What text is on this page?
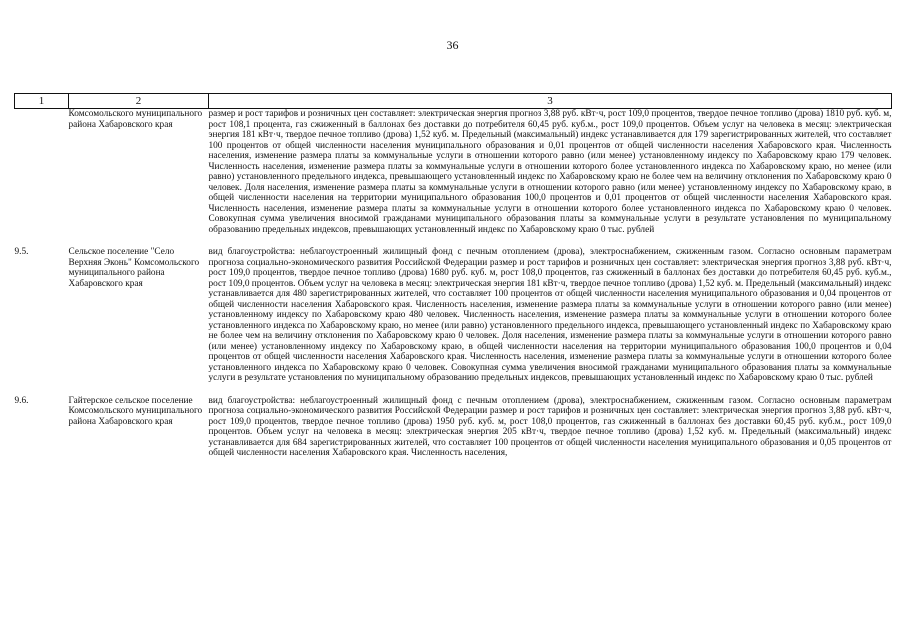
36
1	2	3
	Комсомольского муниципального района Хабаровского края	размер и рост тарифов и розничных цен составляет: электрическая энергия прогноз 3,88 руб. кВт·ч, рост 109,0 процентов, твердое печное топливо (дрова) 1810 руб. куб. м, рост 108,1 процента, газ сжиженный в баллонах без доставки до потребителя 60,45 руб. куб.м., рост 109,0 процентов. Объем услуг на человека в месяц: электрическая энергия 181 кВт·ч, твердое печное топливо (дрова) 1,52 куб. м. Предельный (максимальный) индекс устанавливается для 179 зарегистрированных жителей, что составляет 100 процентов от общей численности населения муниципального образования и 0,01 процентов от общей численности населения Хабаровского края. Численность населения, изменение размера платы за коммунальные услуги в отношении которого равно (или менее) установленному индексу по Хабаровскому краю 179 человек. Численность населения, изменение размера платы за коммунальные услуги в отношении которого более установленного индекса по Хабаровскому краю, но менее (или равно) установленного предельного индекса, превышающего установленный индекс по Хабаровскому краю не более чем на величину отклонения по Хабаровскому краю 0 человек. Доля населения, изменение размера платы за коммунальные услуги в отношении которого равно (или менее) установленному индексу по Хабаровскому краю, в общей численности населения на территории муниципального образования 100,0 процентов и 0,01 процентов от общей численности населения Хабаровского края. Численность населения, изменение размера платы за коммунальные услуги в отношении которого более установленного индекса по Хабаровскому краю 0 человек. Совокупная сумма увеличения вносимой гражданами муниципального образования платы за коммунальные услуги в результате установления по муниципальному образованию предельных индексов, превышающих установленный индекс по Хабаровскому краю 0 тыс. рублей
9.5.	Сельское поселение "Село Верхняя Эконь" Комсомольского муниципального района Хабаровского края	вид благоустройства: неблагоустроенный жилищный фонд с печным отоплением (дрова), электроснабжением, сжиженным газом. Согласно основным параметрам прогноза социально-экономического развития Российской Федерации размер и рост тарифов и розничных цен составляет: электрическая энергия прогноз 3,88 руб. кВт·ч, рост 109,0 процентов, твердое печное топливо (дрова) 1680 руб. куб. м, рост 108,0 процентов, газ сжиженный в баллонах без доставки до потребителя 60,45 руб. куб.м., рост 109,0 процентов. Объем услуг на человека в месяц: электрическая энергия 181 кВт·ч, твердое печное топливо (дрова) 1,52 куб. м. Предельный (максимальный) индекс устанавливается для 480 зарегистрированных жителей, что составляет 100 процентов от общей численности населения муниципального образования и 0,04 процентов от общей численности населения Хабаровского края. Численность населения, изменение размера платы за коммунальные услуги в отношении которого равно (или менее) установленному индексу по Хабаровскому краю 480 человек. Численность населения, изменение размера платы за коммунальные услуги в отношении которого более установленного индекса по Хабаровскому краю, но менее (или равно) установленного предельного индекса, превышающего установленный индекс по Хабаровскому краю не более чем на величину отклонения по Хабаровскому краю 0 человек. Доля населения, изменение размера платы за коммунальные услуги в отношении которого равно (или менее) установленному индексу по Хабаровскому краю, в общей численности населения на территории муниципального образования 100,0 процентов и 0,04 процентов от общей численности населения Хабаровского края. Численность населения, изменение размера платы за коммунальные услуги в отношении которого более установленного индекса по Хабаровскому краю 0 человек. Совокупная сумма увеличения вносимой гражданами муниципального образования платы за коммунальные услуги в результате установления по муниципальному образованию предельных индексов, превышающих установленный индекс по Хабаровскому краю 0 тыс. рублей
9.6.	Гайтерское сельское поселение Комсомольского муниципального района Хабаровского края	вид благоустройства: неблагоустроенный жилищный фонд с печным отоплением (дрова), электроснабжением, сжиженным газом. Согласно основным параметрам прогноза социально-экономического развития Российской Федерации размер и рост тарифов и розничных цен составляет: электрическая энергия прогноз 3,88 руб. кВт·ч, рост 109,0 процентов, твердое печное топливо (дрова) 1950 руб. куб. м, рост 108,0 процентов, газ сжиженный в баллонах без доставки 60,45 руб. куб.м., рост 109,0 процентов. Объем услуг на человека в месяц: электрическая энергия 205 кВт·ч, твердое печное топливо (дрова) 1,52 куб. м. Предельный (максимальный) индекс устанавливается для 684 зарегистрированных жителей, что составляет 100 процентов от общей численности населения муниципального образования и 0,05 процентов от общей численности населения Хабаровского края. Численность населения,
